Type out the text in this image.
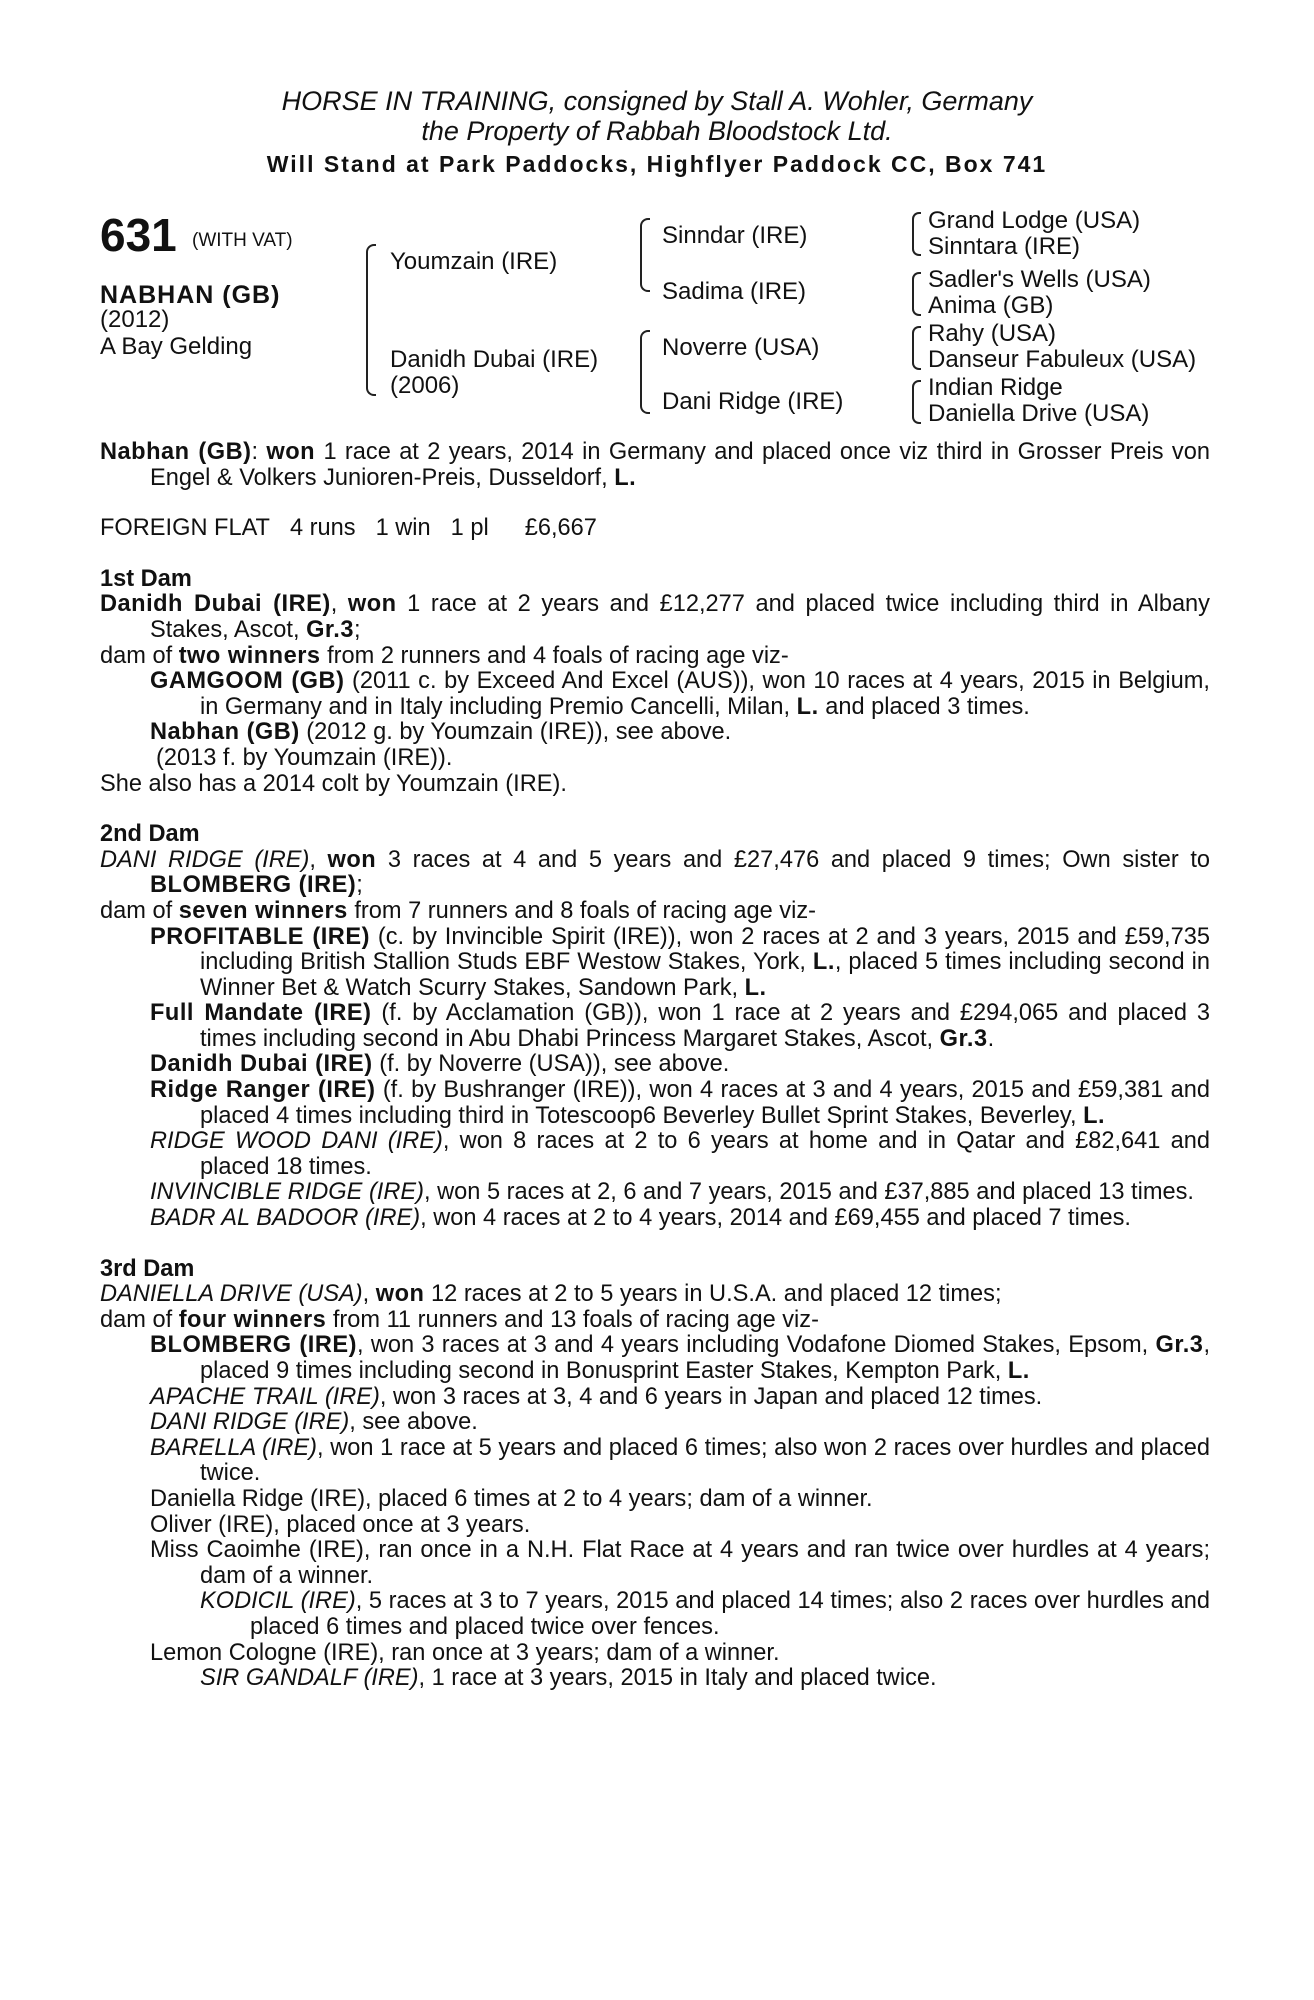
HORSE IN TRAINING, consigned by Stall A. Wohler, Germany
the Property of Rabbah Bloodstock Ltd.
Will Stand at Park Paddocks, Highflyer Paddock CC, Box 741
631 (WITH VAT)
NABHAN (GB)
(2012)
A Bay Gelding
Youmzain (IRE)
Danidh Dubai (IRE)
(2006)
Sinndar (IRE)
Sadima (IRE)
Noverre (USA)
Dani Ridge (IRE)
Grand Lodge (USA)
Sinntara (IRE)
Sadler's Wells (USA)
Anima (GB)
Rahy (USA)
Danseur Fabuleux (USA)
Indian Ridge
Daniella Drive (USA)

Nabhan (GB): won 1 race at 2 years, 2014 in Germany and placed once viz third in Grosser Preis von Engel & Volkers Junioren-Preis, Dusseldorf, L.

FOREIGN FLAT 4 runs 1 win 1 pl £6,667

1st Dam

Danidh Dubai (IRE), won 1 race at 2 years and £12,277 and placed twice including third in Albany Stakes, Ascot, Gr.3;

dam of two winners from 2 runners and 4 foals of racing age viz-

GAMGOOM (GB) (2011 c. by Exceed And Excel (AUS)), won 10 races at 4 years, 2015 in Belgium, in Germany and in Italy including Premio Cancelli, Milan, L. and placed 3 times.

Nabhan (GB) (2012 g. by Youmzain (IRE)), see above.

(2013 f. by Youmzain (IRE)).

She also has a 2014 colt by Youmzain (IRE).

2nd Dam

DANI RIDGE (IRE), won 3 races at 4 and 5 years and £27,476 and placed 9 times; Own sister to BLOMBERG (IRE);

dam of seven winners from 7 runners and 8 foals of racing age viz-

PROFITABLE (IRE) (c. by Invincible Spirit (IRE)), won 2 races at 2 and 3 years, 2015 and £59,735 including British Stallion Studs EBF Westow Stakes, York, L., placed 5 times including second in Winner Bet & Watch Scurry Stakes, Sandown Park, L.

Full Mandate (IRE) (f. by Acclamation (GB)), won 1 race at 2 years and £294,065 and placed 3 times including second in Abu Dhabi Princess Margaret Stakes, Ascot, Gr.3.

Danidh Dubai (IRE) (f. by Noverre (USA)), see above.

Ridge Ranger (IRE) (f. by Bushranger (IRE)), won 4 races at 3 and 4 years, 2015 and £59,381 and placed 4 times including third in Totescoop6 Beverley Bullet Sprint Stakes, Beverley, L.

RIDGE WOOD DANI (IRE), won 8 races at 2 to 6 years at home and in Qatar and £82,641 and placed 18 times.

INVINCIBLE RIDGE (IRE), won 5 races at 2, 6 and 7 years, 2015 and £37,885 and placed 13 times.

BADR AL BADOOR (IRE), won 4 races at 2 to 4 years, 2014 and £69,455 and placed 7 times.

3rd Dam

DANIELLA DRIVE (USA), won 12 races at 2 to 5 years in U.S.A. and placed 12 times;

dam of four winners from 11 runners and 13 foals of racing age viz-

BLOMBERG (IRE), won 3 races at 3 and 4 years including Vodafone Diomed Stakes, Epsom, Gr.3, placed 9 times including second in Bonusprint Easter Stakes, Kempton Park, L.

APACHE TRAIL (IRE), won 3 races at 3, 4 and 6 years in Japan and placed 12 times.

DANI RIDGE (IRE), see above.

BARELLA (IRE), won 1 race at 5 years and placed 6 times; also won 2 races over hurdles and placed twice.

Daniella Ridge (IRE), placed 6 times at 2 to 4 years; dam of a winner.

Oliver (IRE), placed once at 3 years.

Miss Caoimhe (IRE), ran once in a N.H. Flat Race at 4 years and ran twice over hurdles at 4 years; dam of a winner.

KODICIL (IRE), 5 races at 3 to 7 years, 2015 and placed 14 times; also 2 races over hurdles and placed 6 times and placed twice over fences.

Lemon Cologne (IRE), ran once at 3 years; dam of a winner.

SIR GANDALF (IRE), 1 race at 3 years, 2015 in Italy and placed twice.
